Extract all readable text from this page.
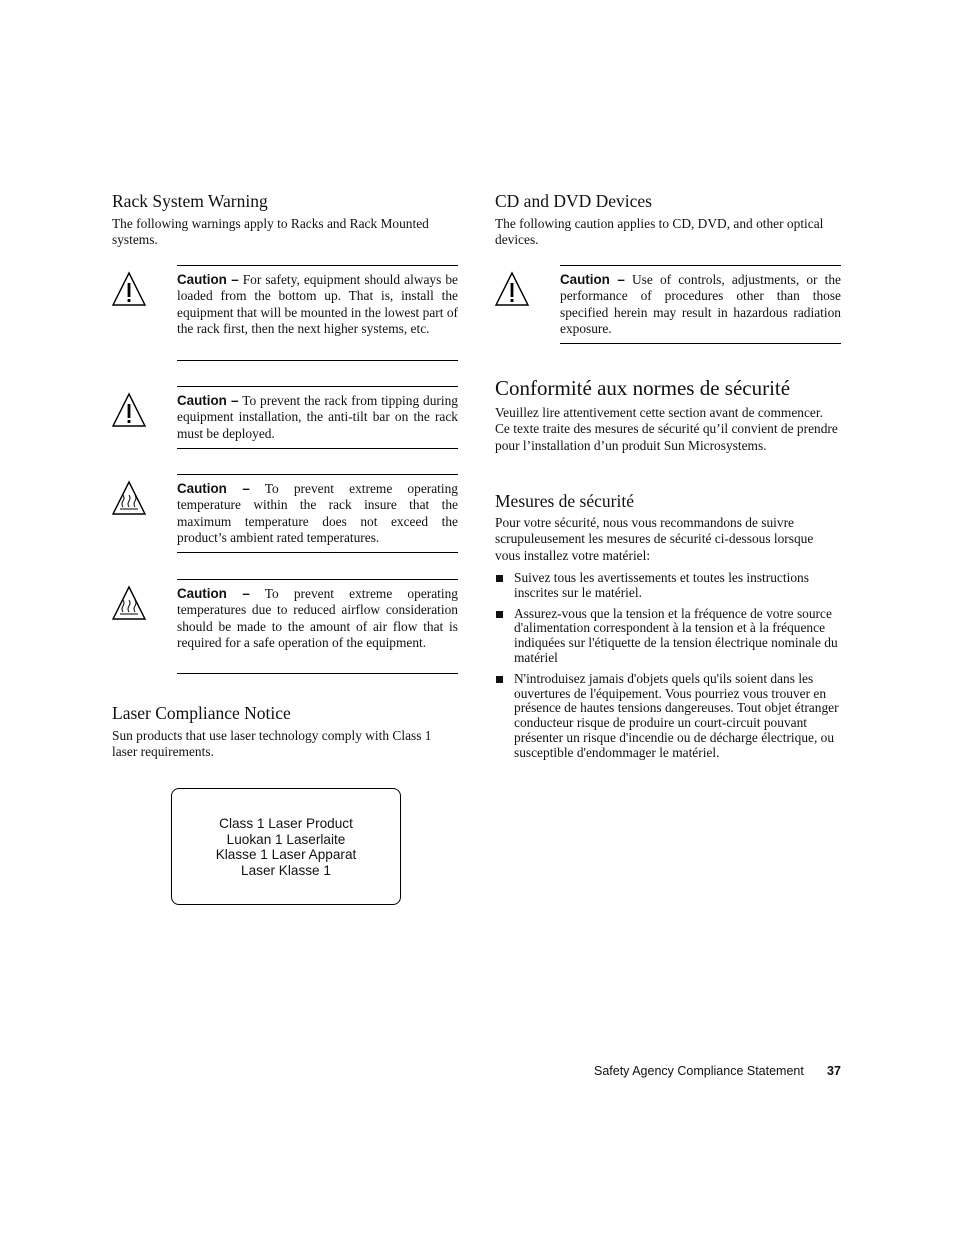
Rack System Warning
The following warnings apply to Racks and Rack Mounted systems.
Caution – For safety, equipment should always be loaded from the bottom up. That is, install the equipment that will be mounted in the lowest part of the rack first, then the next higher systems, etc.
Caution – To prevent the rack from tipping during equipment installation, the anti-tilt bar on the rack must be deployed.
Caution – To prevent extreme operating temperature within the rack insure that the maximum temperature does not exceed the product’s ambient rated temperatures.
Caution – To prevent extreme operating temperatures due to reduced airflow consideration should be made to the amount of air flow that is required for a safe operation of the equipment.
Laser Compliance Notice
Sun products that use laser technology comply with Class 1 laser requirements.
Class 1 Laser Product
Luokan 1 Laserlaite
Klasse 1 Laser Apparat
Laser Klasse 1
CD and DVD Devices
The following caution applies to CD, DVD, and other optical devices.
Caution – Use of controls, adjustments, or the performance of procedures other than those specified herein may result in hazardous radiation exposure.
Conformité aux normes de sécurité
Veuillez lire attentivement cette section avant de commencer. Ce texte traite des mesures de sécurité qu’il convient de prendre pour l’installation d’un produit Sun Microsystems.
Mesures de sécurité
Pour votre sécurité, nous vous recommandons de suivre scrupuleusement les mesures de sécurité ci-dessous lorsque vous installez votre matériel:
Suivez tous les avertissements et toutes les instructions inscrites sur le matériel.
Assurez-vous que la tension et la fréquence de votre source d'alimentation correspondent à la tension et à la fréquence indiquées sur l'étiquette de la tension électrique nominale du matériel
N'introduisez jamais d'objets quels qu'ils soient dans les ouvertures de l'équipement. Vous pourriez vous trouver en présence de hautes tensions dangereuses. Tout objet étranger conducteur risque de produire un court-circuit pouvant présenter un risque d'incendie ou de décharge électrique, ou susceptible d'endommager le matériel.
Safety Agency Compliance Statement 37
